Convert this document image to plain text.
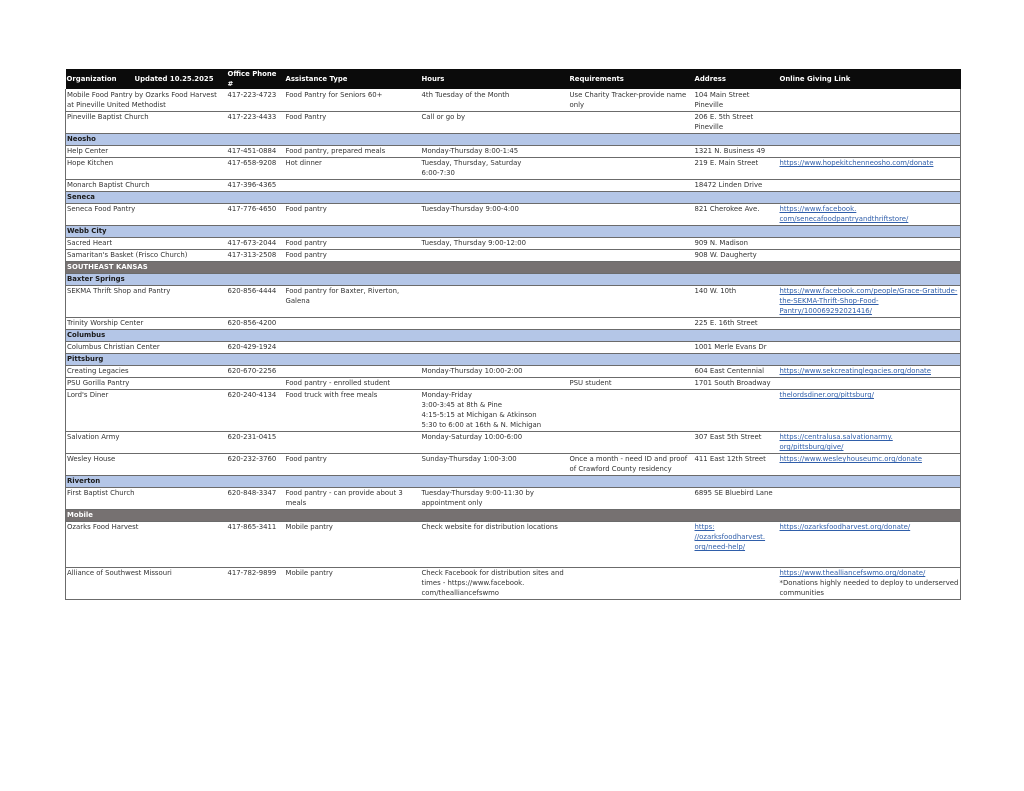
Organization Updated 10.25.2025	Office Phone #	Assistance Type	Hours	Requirements	Address	Online Giving Link

Mobile Food Pantry by Ozarks Food Harvest at Pineville United Methodist	417-223-4723	Food Pantry for Seniors 60+	4th Tuesday of the Month	Use Charity Tracker-provide name only	104 Main Street
Pineville	

Pineville Baptist Church	417-223-4433	Food Pantry	Call or go by		206 E. 5th Street
Pineville	

Neosho						

Help Center	417-451-0884	Food pantry, prepared meals	Monday-Thursday 8:00-1:45		1321 N. Business 49	

Hope Kitchen	417-658-9208	Hot dinner	Tuesday, Thursday, Saturday
6:00-7:30		219 E. Main Street	https://www.hopekitchenneosho.com/donate

Monarch Baptist Church	417-396-4365				18472 Linden Drive	

Seneca						

Seneca Food Pantry	417-776-4650	Food pantry	Tuesday-Thursday 9:00-4:00		821 Cherokee Ave.	https://www.facebook.
com/senecafoodpantryandthriftstore/

Webb City						

Sacred Heart	417-673-2044	Food pantry	Tuesday, Thursday 9:00-12:00		909 N. Madison	

Samaritan's Basket (Frisco Church)	417-313-2508	Food pantry			908 W. Daugherty	

SOUTHEAST KANSAS						
Baxter Springs						

SEKMA Thrift Shop and Pantry	620-856-4444	Food pantry for Baxter, Riverton, Galena			140 W. 10th	https://www.facebook.com/people/Grace-Gratitude-the-SEKMA-Thrift-Shop-Food-Pantry/100069292021416/

Trinity Worship Center	620-856-4200				225 E. 16th Street	

Columbus						

Columbus Christian Center	620-429-1924				1001 Merle Evans Dr	

Pittsburg						

Creating Legacies	620-670-2256		Monday-Thursday 10:00-2:00		604 East Centennial	https://www.sekcreatinglegacies.org/donate

PSU Gorilla Pantry		Food pantry - enrolled student		PSU student	1701 South Broadway	

Lord's Diner	620-240-4134	Food truck with free meals	Monday-Friday
3:00-3:45 at 8th & Pine
4:15-5:15 at Michigan & Atkinson
5:30 to 6:00 at 16th & N. Michigan			thelordsdiner.org/pittsburg/

Salvation Army	620-231-0415		Monday-Saturday 10:00-6:00		307 East 5th Street	https://centralusa.salvationarmy.
org/pittsburg/give/

Wesley House	620-232-3760	Food pantry	Sunday-Thursday 1:00-3:00	Once a month - need ID and proof of Crawford County residency	411 East 12th Street	https://www.wesleyhouseumc.org/donate

Riverton						

First Baptist Church	620-848-3347	Food pantry - can provide about 3 meals	Tuesday-Thursday 9:00-11:30 by appointment only		6895 SE Bluebird Lane	

Mobile						

Ozarks Food Harvest	417-865-3411	Mobile pantry	Check website for distribution locations		https:
//ozarksfoodharvest.
org/need-help/	https://ozarksfoodharvest.org/donate/

Alliance of Southwest Missouri	417-782-9899	Mobile pantry	Check Facebook for distribution sites and times - https://www.facebook.
com/thealliancefswmo			https://www.thealliancefswmo.org/donate/
*Donations highly needed to deploy to underserved communities
